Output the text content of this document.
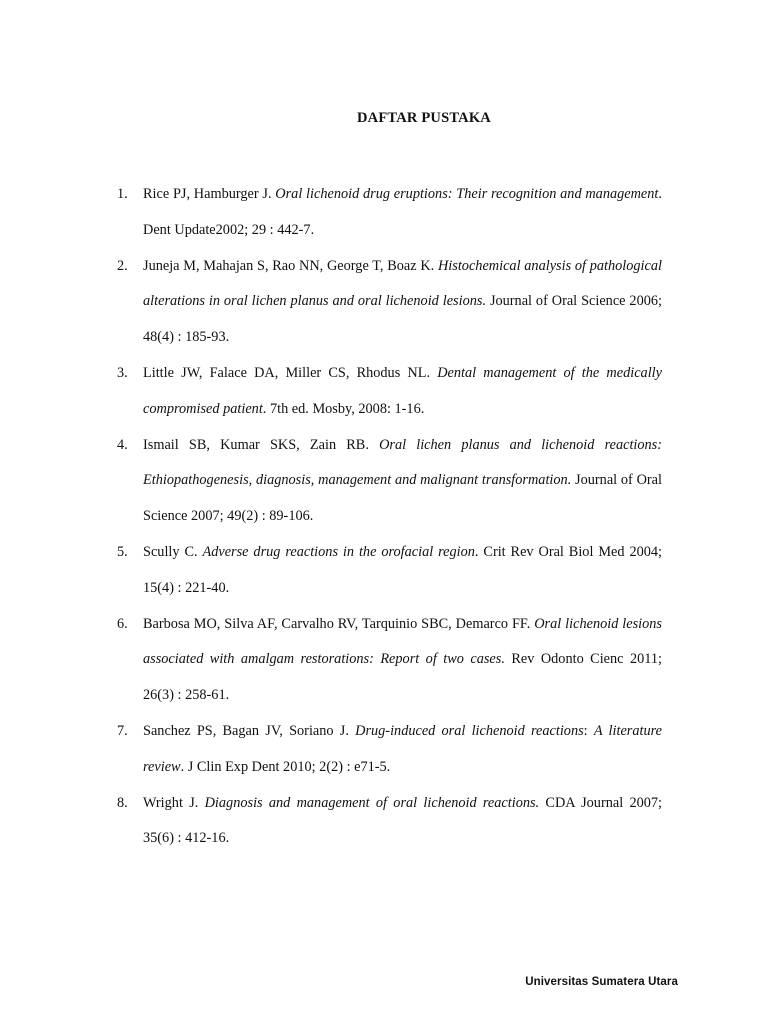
DAFTAR PUSTAKA
1. Rice PJ, Hamburger J. Oral lichenoid drug eruptions: Their recognition and management. Dent Update2002; 29 : 442-7.
2. Juneja M, Mahajan S, Rao NN, George T, Boaz K. Histochemical analysis of pathological alterations in oral lichen planus and oral lichenoid lesions. Journal of Oral Science 2006; 48(4) : 185-93.
3. Little JW, Falace DA, Miller CS, Rhodus NL. Dental management of the medically compromised patient. 7th ed. Mosby, 2008: 1-16.
4. Ismail SB, Kumar SKS, Zain RB. Oral lichen planus and lichenoid reactions: Ethiopathogenesis, diagnosis, management and malignant transformation. Journal of Oral Science 2007; 49(2) : 89-106.
5. Scully C. Adverse drug reactions in the orofacial region. Crit Rev Oral Biol Med 2004; 15(4) : 221-40.
6. Barbosa MO, Silva AF, Carvalho RV, Tarquinio SBC, Demarco FF. Oral lichenoid lesions associated with amalgam restorations: Report of two cases. Rev Odonto Cienc 2011; 26(3) : 258-61.
7. Sanchez PS, Bagan JV, Soriano J. Drug-induced oral lichenoid reactions: A literature review. J Clin Exp Dent 2010; 2(2) : e71-5.
8. Wright J. Diagnosis and management of oral lichenoid reactions. CDA Journal 2007; 35(6) : 412-16.
Universitas Sumatera Utara
